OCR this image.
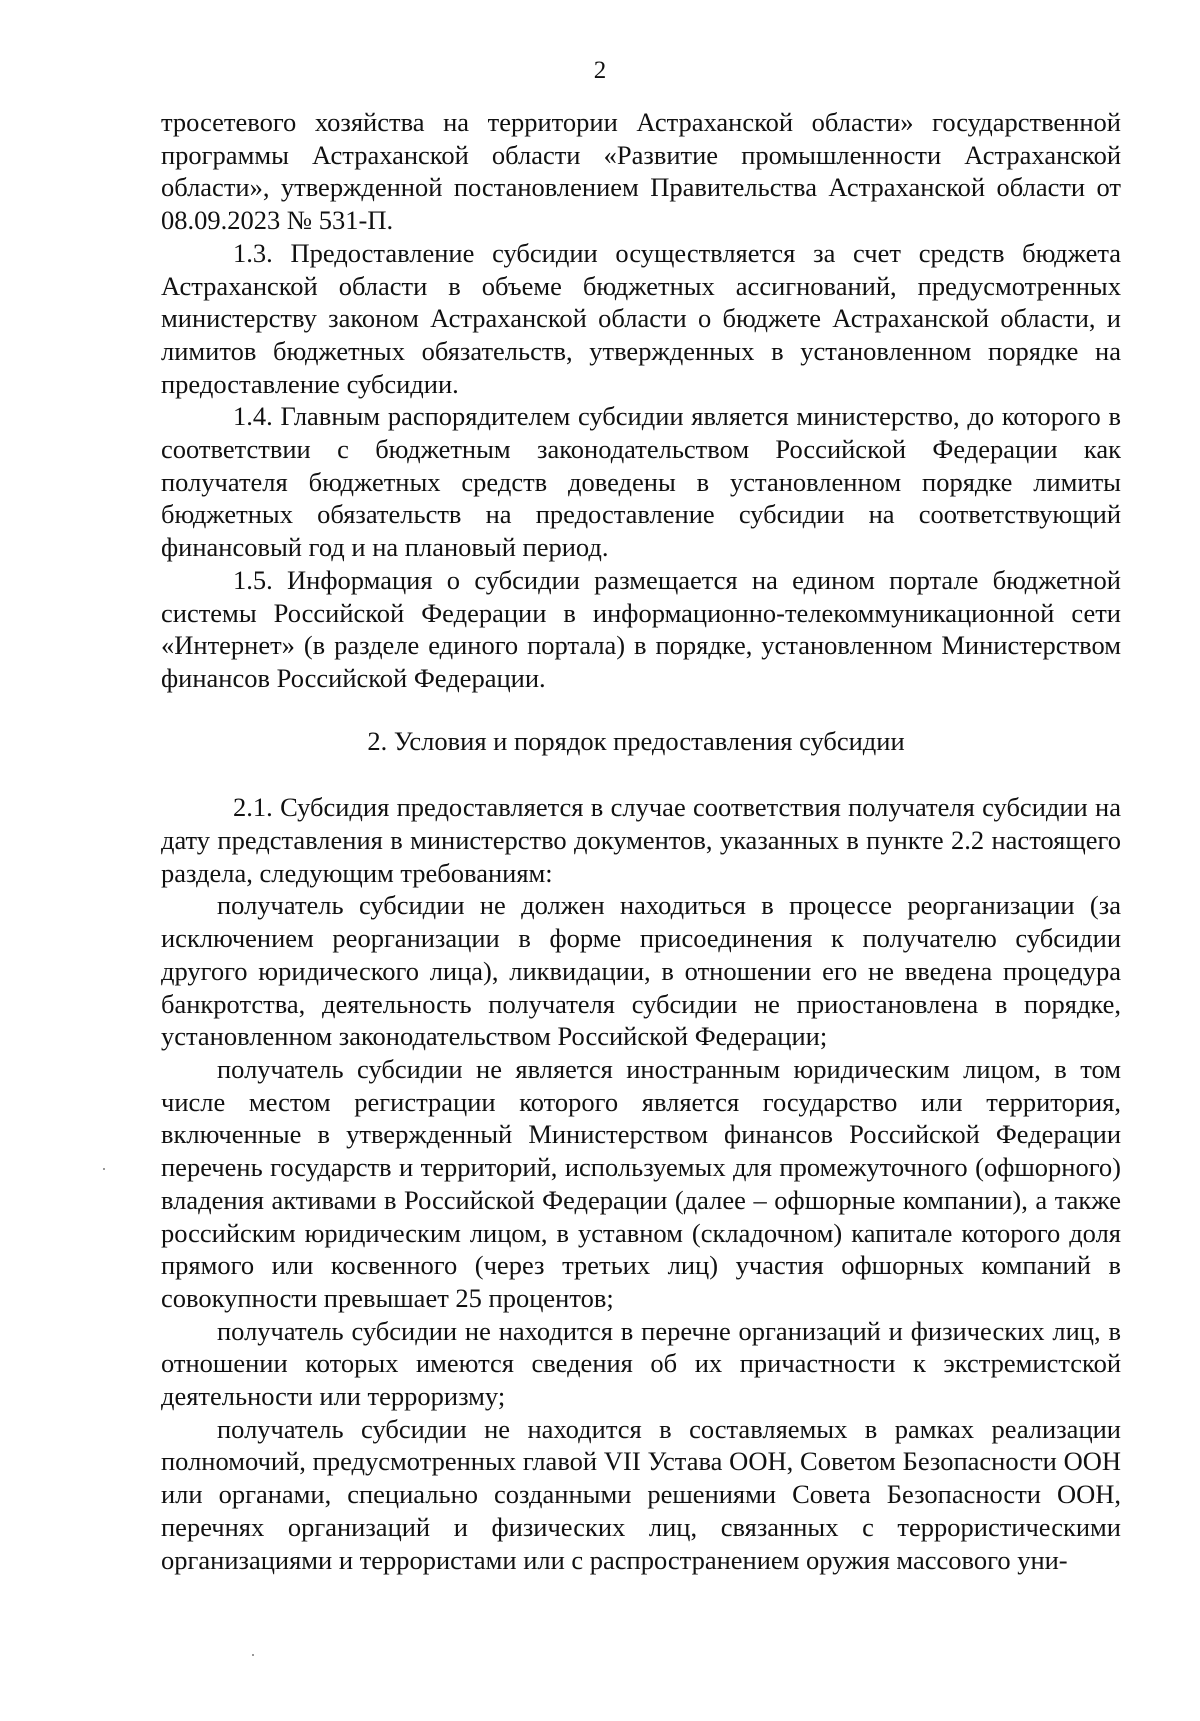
2

тросетевого хозяйства на территории Астраханской области» государственной программы Астраханской области «Развитие промышленности Астраханской области», утвержденной постановлением Правительства Астраханской области от 08.09.2023 № 531-П.

1.3. Предоставление субсидии осуществляется за счет средств бюджета Астраханской области в объеме бюджетных ассигнований, предусмотренных министерству законом Астраханской области о бюджете Астраханской области, и лимитов бюджетных обязательств, утвержденных в установленном порядке на предоставление субсидии.

1.4. Главным распорядителем субсидии является министерство, до которого в соответствии с бюджетным законодательством Российской Федерации как получателя бюджетных средств доведены в установленном порядке лимиты бюджетных обязательств на предоставление субсидии на соответствующий финансовый год и на плановый период.

1.5. Информация о субсидии размещается на едином портале бюджетной системы Российской Федерации в информационно-телекоммуникационной сети «Интернет» (в разделе единого портала) в порядке, установленном Министерством финансов Российской Федерации.

2. Условия и порядок предоставления субсидии

2.1. Субсидия предоставляется в случае соответствия получателя субсидии на дату представления в министерство документов, указанных в пункте 2.2 настоящего раздела, следующим требованиям:

получатель субсидии не должен находиться в процессе реорганизации (за исключением реорганизации в форме присоединения к получателю субсидии другого юридического лица), ликвидации, в отношении его не введена процедура банкротства, деятельность получателя субсидии не приостановлена в порядке, установленном законодательством Российской Федерации;

получатель субсидии не является иностранным юридическим лицом, в том числе местом регистрации которого является государство или территория, включенные в утвержденный Министерством финансов Российской Федерации перечень государств и территорий, используемых для промежуточного (офшорного) владения активами в Российской Федерации (далее – офшорные компании), а также российским юридическим лицом, в уставном (складочном) капитале которого доля прямого или косвенного (через третьих лиц) участия офшорных компаний в совокупности превышает 25 процентов;

получатель субсидии не находится в перечне организаций и физических лиц, в отношении которых имеются сведения об их причастности к экстремистской деятельности или терроризму;

получатель субсидии не находится в составляемых в рамках реализации полномочий, предусмотренных главой VII Устава ООН, Советом Безопасности ООН или органами, специально созданными решениями Совета Безопасности ООН, перечнях организаций и физических лиц, связанных с террористическими организациями и террористами или с распространением оружия массового уни-
